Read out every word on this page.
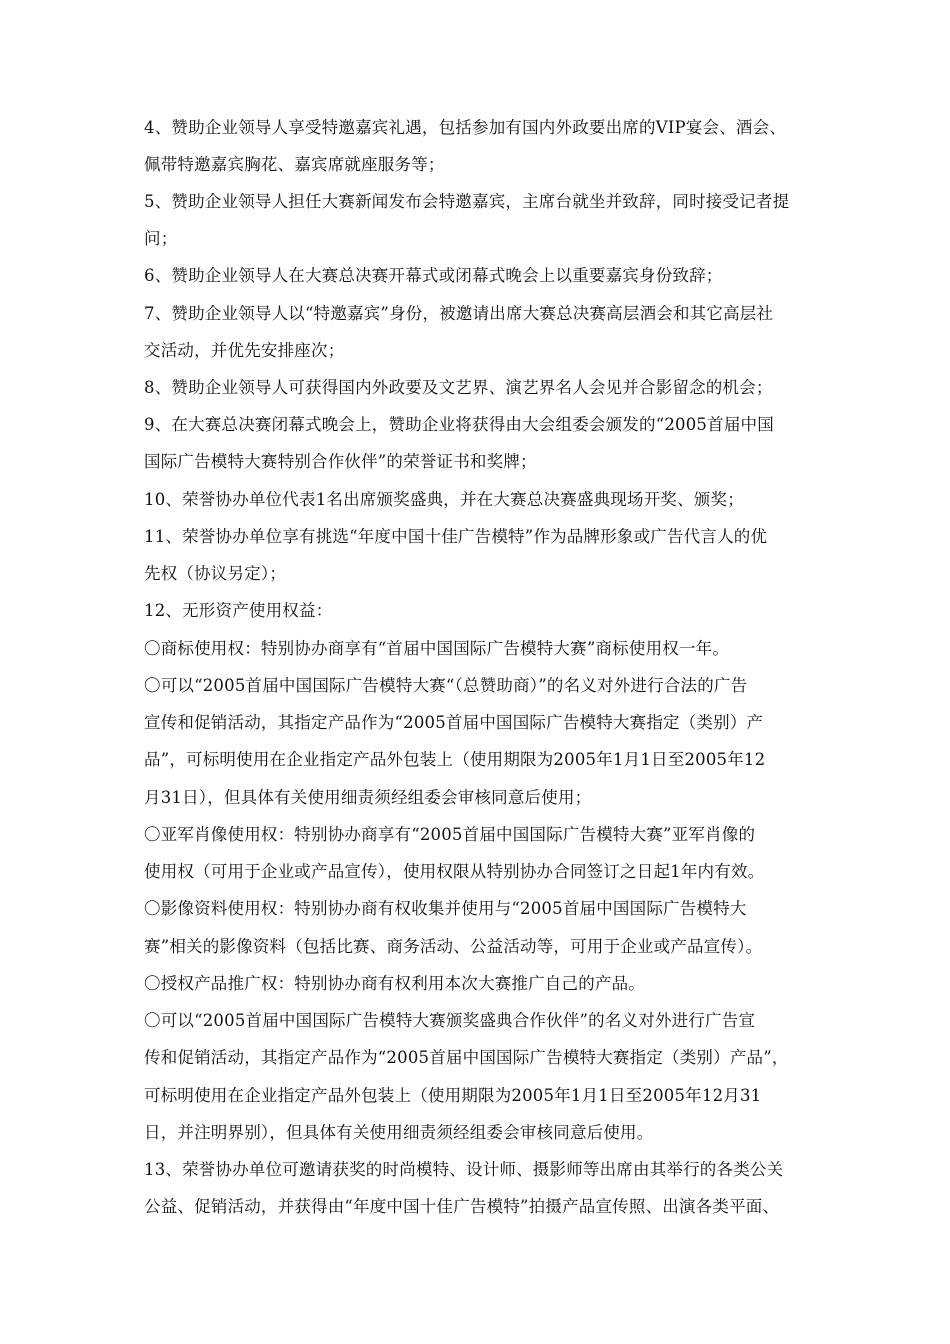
4、赞助企业领导人享受特邀嘉宾礼遇，包括参加有国内外政要出席的VIP宴会、酒会、
佩带特邀嘉宾胸花、嘉宾席就座服务等；
5、赞助企业领导人担任大赛新闻发布会特邀嘉宾，主席台就坐并致辞，同时接受记者提
问；
6、赞助企业领导人在大赛总决赛开幕式或闭幕式晚会上以重要嘉宾身份致辞；
7、赞助企业领导人以“特邀嘉宾”身份，被邀请出席大赛总决赛高层酒会和其它高层社
交活动，并优先安排座次；
8、赞助企业领导人可获得国内外政要及文艺界、演艺界名人会见并合影留念的机会；
9、在大赛总决赛闭幕式晚会上，赞助企业将获得由大会组委会颁发的“2005首届中国
国际广告模特大赛特别合作伙伴”的荣誉证书和奖牌；
10、荣誉协办单位代表1名出席颁奖盛典，并在大赛总决赛盛典现场开奖、颁奖；
11、荣誉协办单位享有挑选“年度中国十佳广告模特”作为品牌形象或广告代言人的优
先权（协议另定）；
12、无形资产使用权益：
〇商标使用权：特别协办商享有“首届中国国际广告模特大赛”商标使用权一年。
〇可以“2005首届中国国际广告模特大赛“（总赞助商）”的名义对外进行合法的广告
宣传和促销活动，其指定产品作为“2005首届中国国际广告模特大赛指定（类别）产
品”，可标明使用在企业指定产品外包装上（使用期限为2005年1月1日至2005年12
月31日），但具体有关使用细责须经组委会审核同意后使用；
〇亚军肖像使用权：特别协办商享有“2005首届中国国际广告模特大赛”亚军肖像的
使用权（可用于企业或产品宣传），使用权限从特别协办合同签订之日起1年内有效。
〇影像资料使用权：特别协办商有权收集并使用与“2005首届中国国际广告模特大
赛”相关的影像资料（包括比赛、商务活动、公益活动等，可用于企业或产品宣传）。
〇授权产品推广权：特别协办商有权利用本次大赛推广自己的产品。
〇可以“2005首届中国国际广告模特大赛颁奖盛典合作伙伴”的名义对外进行广告宣
传和促销活动，其指定产品作为“2005首届中国国际广告模特大赛指定（类别）产品”，
可标明使用在企业指定产品外包装上（使用期限为2005年1月1日至2005年12月31
日，并注明界别），但具体有关使用细责须经组委会审核同意后使用。
13、荣誉协办单位可邀请获奖的时尚模特、设计师、摄影师等出席由其举行的各类公关
公益、促销活动，并获得由“年度中国十佳广告模特”拍摄产品宣传照、出演各类平面、
